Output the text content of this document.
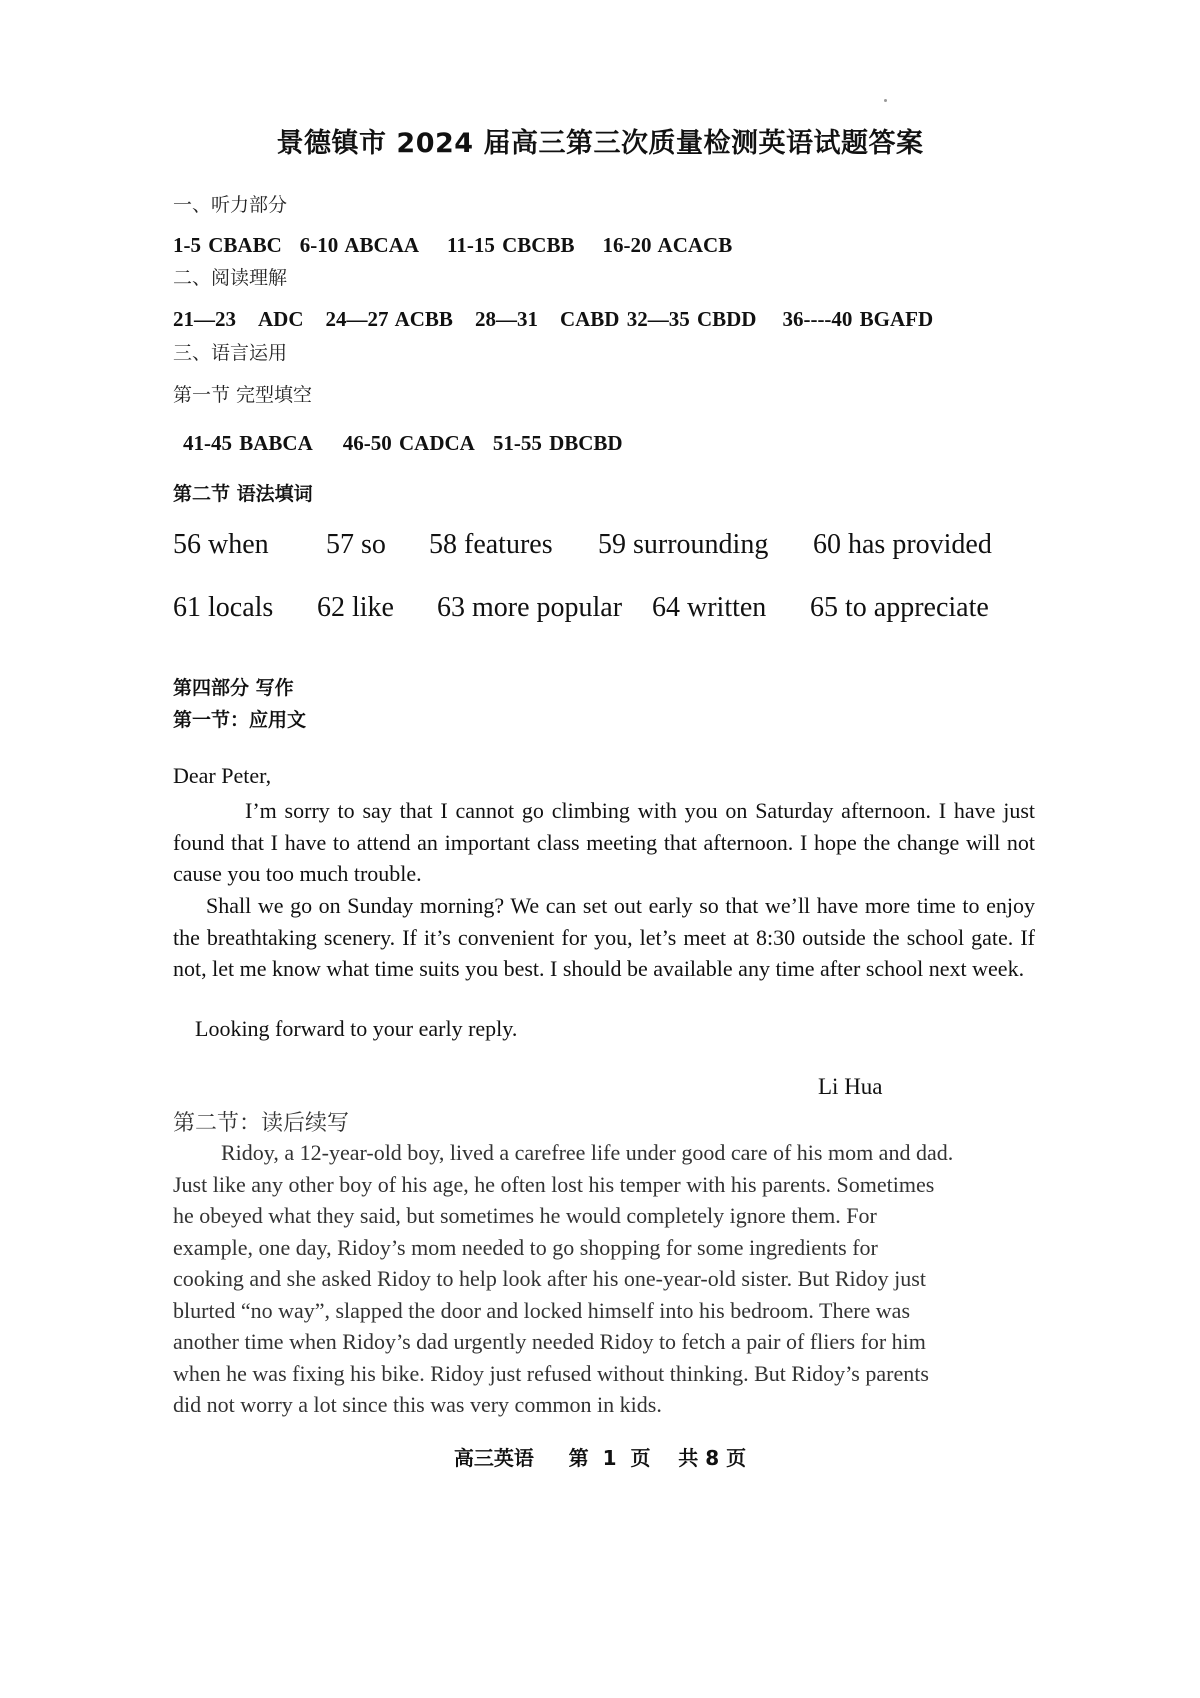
景德镇市 2024 届高三第三次质量检测英语试题答案
一、听力部分
1-5 CBABC 6-10 ABCAA 11-15 CBCBB 16-20 ACACB
二、阅读理解
21—23 ADC 24—27 ACBB 28—31 CABD 32—35 CBDD 36----40 BGAFD
三、语言运用
第一节 完型填空
41-45 BABCA 46-50 CADCA 51-55 DBCBD
第二节 语法填词
56 when	57 so	58 features	59 surrounding	60 has provided
61 locals	62 like	63 more popular	64 written	65 to appreciate
第四部分 写作
第一节：应用文
Dear Peter,
I’m sorry to say that I cannot go climbing with you on Saturday afternoon. I have just found that I have to attend an important class meeting that afternoon. I hope the change will not cause you too much trouble.
Shall we go on Sunday morning? We can set out early so that we’ll have more time to enjoy the breathtaking scenery. If it’s convenient for you, let’s meet at 8:30 outside the school gate. If not, let me know what time suits you best. I should be available any time after school next week.
Looking forward to your early reply.
Li Hua
第二节：读后续写
Ridoy, a 12-year-old boy, lived a carefree life under good care of his mom and dad.
Just like any other boy of his age, he often lost his temper with his parents. Sometimes
he obeyed what they said, but sometimes he would completely ignore them. For
example, one day, Ridoy’s mom needed to go shopping for some ingredients for
cooking and she asked Ridoy to help look after his one-year-old sister. But Ridoy just
blurted “no way”, slapped the door and locked himself into his bedroom. There was
another time when Ridoy’s dad urgently needed Ridoy to fetch a pair of fliers for him
when he was fixing his bike. Ridoy just refused without thinking. But Ridoy’s parents
did not worry a lot since this was very common in kids.
高三英语     第  1  页    共 8 页
